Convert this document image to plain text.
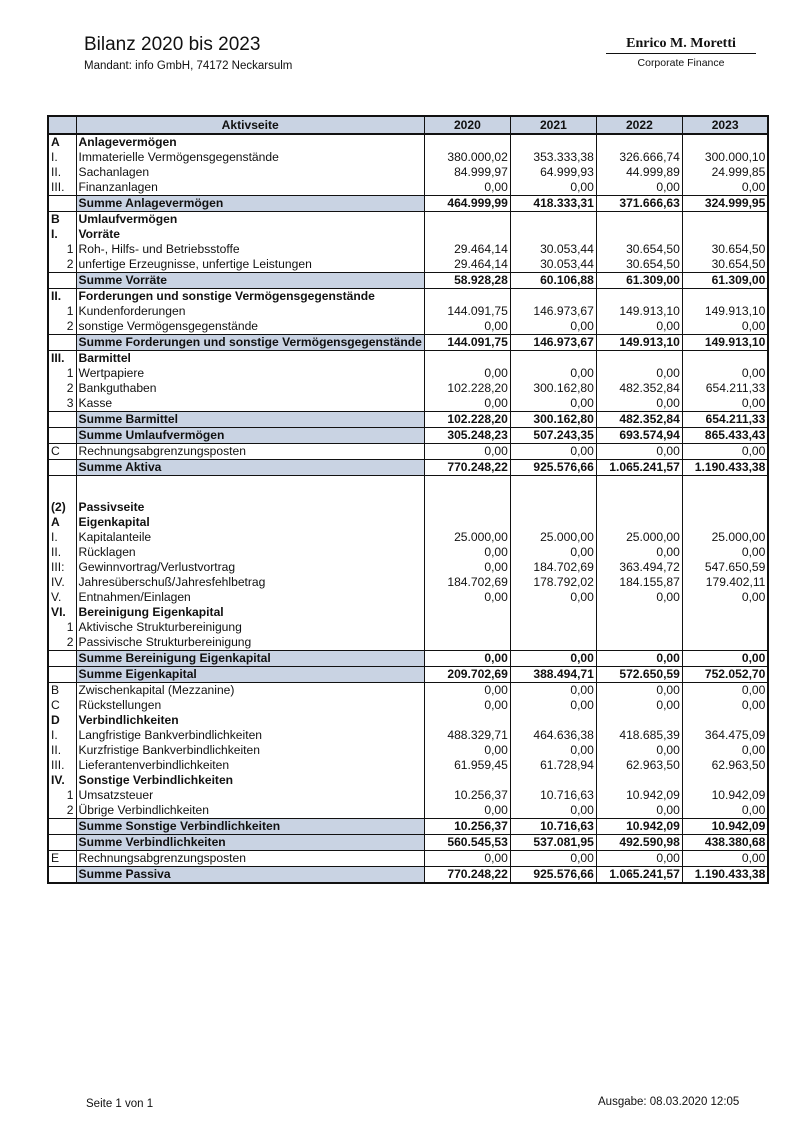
Bilanz 2020 bis 2023
Mandant: info GmbH, 74172 Neckarsulm
Enrico M. Moretti
Corporate Finance
	Aktivseite	2020	2021	2022	2023
A	Anlagevermögen				
I.	Immaterielle Vermögensgegenstände	380.000,02	353.333,38	326.666,74	300.000,10
II.	Sachanlagen	84.999,97	64.999,93	44.999,89	24.999,85
III.	Finanzanlagen	0,00	0,00	0,00	0,00
	Summe Anlagevermögen	464.999,99	418.333,31	371.666,63	324.999,95
B	Umlaufvermögen				
I.	Vorräte				
1	Roh-, Hilfs- und Betriebsstoffe	29.464,14	30.053,44	30.654,50	30.654,50
2	unfertige Erzeugnisse, unfertige Leistungen	29.464,14	30.053,44	30.654,50	30.654,50
	Summe Vorräte	58.928,28	60.106,88	61.309,00	61.309,00
II.	Forderungen und sonstige Vermögensgegenstände				
1	Kundenforderungen	144.091,75	146.973,67	149.913,10	149.913,10
2	sonstige Vermögensgegenstände	0,00	0,00	0,00	0,00
	Summe Forderungen und sonstige Vermögensgegenstände	144.091,75	146.973,67	149.913,10	149.913,10
III.	Barmittel				
1	Wertpapiere	0,00	0,00	0,00	0,00
2	Bankguthaben	102.228,20	300.162,80	482.352,84	654.211,33
3	Kasse	0,00	0,00	0,00	0,00
	Summe Barmittel	102.228,20	300.162,80	482.352,84	654.211,33
	Summe Umlaufvermögen	305.248,23	507.243,35	693.574,94	865.433,43
C	Rechnungsabgrenzungsposten	0,00	0,00	0,00	0,00
	Summe Aktiva	770.248,22	925.576,66	1.065.241,57	1.190.433,38

(2)	Passivseite				
A	Eigenkapital				
I.	Kapitalanteile	25.000,00	25.000,00	25.000,00	25.000,00
II.	Rücklagen	0,00	0,00	0,00	0,00
III:	Gewinnvortrag/Verlustvortrag	0,00	184.702,69	363.494,72	547.650,59
IV.	Jahresüberschuß/Jahresfehlbetrag	184.702,69	178.792,02	184.155,87	179.402,11
V.	Entnahmen/Einlagen	0,00	0,00	0,00	0,00
VI.	Bereinigung Eigenkapital				
1	Aktivische Strukturbereinigung				
2	Passivische Strukturbereinigung				
	Summe Bereinigung Eigenkapital	0,00	0,00	0,00	0,00
	Summe Eigenkapital	209.702,69	388.494,71	572.650,59	752.052,70
B	Zwischenkapital (Mezzanine)	0,00	0,00	0,00	0,00
C	Rückstellungen	0,00	0,00	0,00	0,00
D	Verbindlichkeiten				
I.	Langfristige Bankverbindlichkeiten	488.329,71	464.636,38	418.685,39	364.475,09
II.	Kurzfristige Bankverbindlichkeiten	0,00	0,00	0,00	0,00
III.	Lieferantenverbindlichkeiten	61.959,45	61.728,94	62.963,50	62.963,50
IV.	Sonstige Verbindlichkeiten				
1	Umsatzsteuer	10.256,37	10.716,63	10.942,09	10.942,09
2	Übrige Verbindlichkeiten	0,00	0,00	0,00	0,00
	Summe Sonstige Verbindlichkeiten	10.256,37	10.716,63	10.942,09	10.942,09
	Summe Verbindlichkeiten	560.545,53	537.081,95	492.590,98	438.380,68
E	Rechnungsabgrenzungsposten	0,00	0,00	0,00	0,00
	Summe Passiva	770.248,22	925.576,66	1.065.241,57	1.190.433,38
Seite 1 von 1	Ausgabe: 08.03.2020 12:05
